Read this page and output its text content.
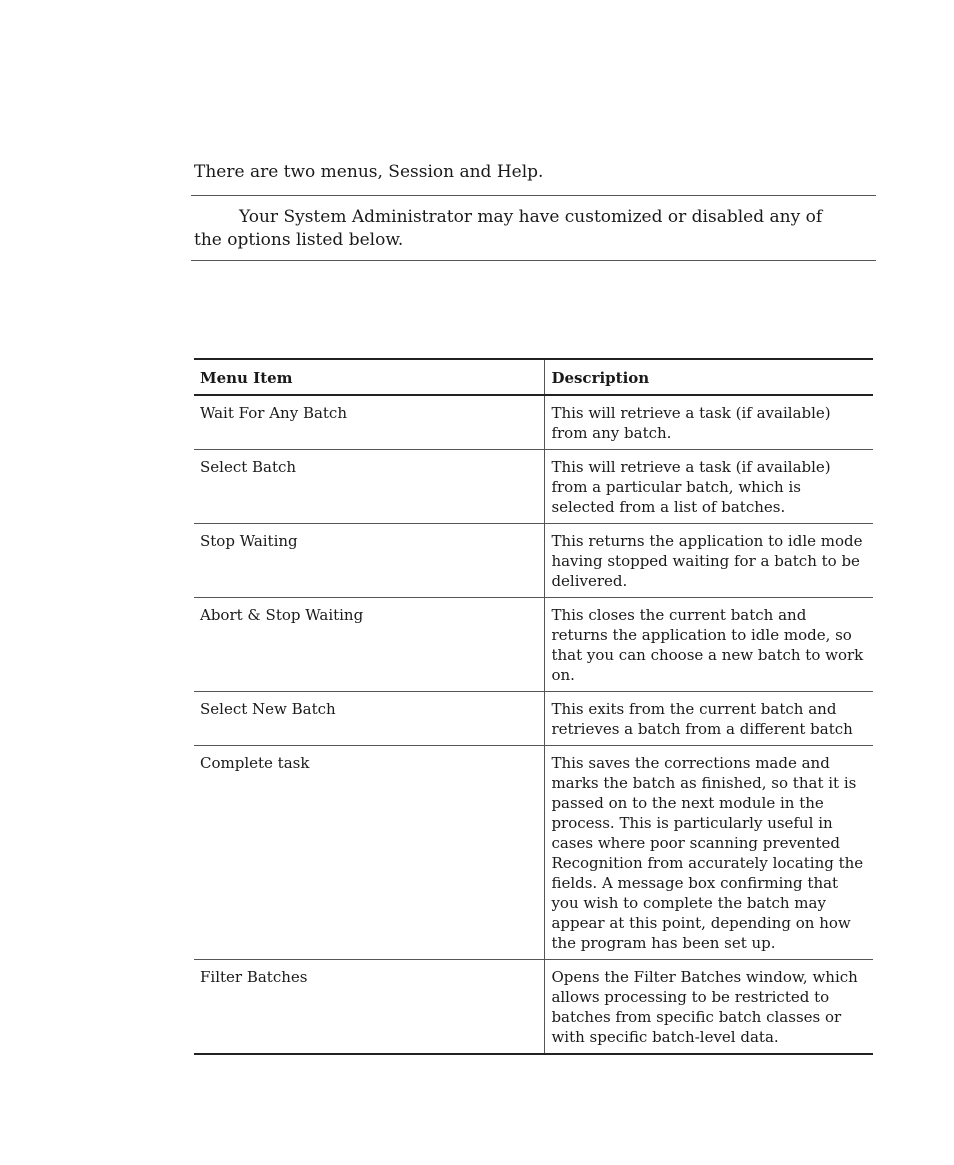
There are two menus, Session and Help.

Your System Administrator may have customized or disabled any of the options listed below.

Menu Item	Description
Wait For Any Batch	This will retrieve a task (if available) from any batch.
Select Batch	This will retrieve a task (if available) from a particular batch, which is selected from a list of batches.
Stop Waiting	This returns the application to idle mode having stopped waiting for a batch to be delivered.
Abort & Stop Waiting	This closes the current batch and returns the application to idle mode, so that you can choose a new batch to work on.
Select New Batch	This exits from the current batch and retrieves a batch from a different batch
Complete task	This saves the corrections made and marks the batch as finished, so that it is passed on to the next module in the process. This is particularly useful in cases where poor scanning prevented Recognition from accurately locating the fields. A message box confirming that you wish to complete the batch may appear at this point, depending on how the program has been set up.
Filter Batches	Opens the Filter Batches window, which allows processing to be restricted to batches from specific batch classes or with specific batch-level data.
